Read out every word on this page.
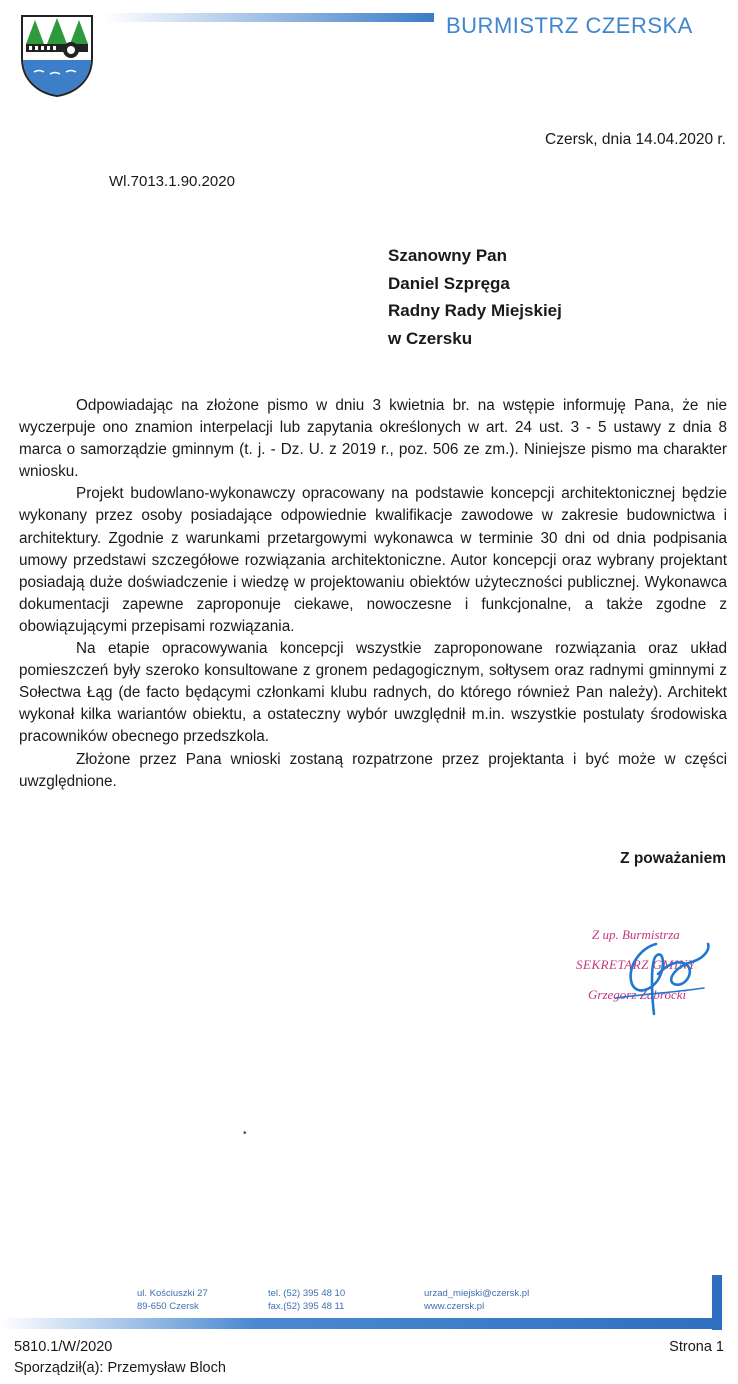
BURMISTRZ CZERSKA
Czersk, dnia 14.04.2020 r.
Wl.7013.1.90.2020
Szanowny Pan
Daniel Szpręga
Radny Rady Miejskiej
w Czersku

Odpowiadając na złożone pismo w dniu 3 kwietnia br. na wstępie informuję Pana, że nie wyczerpuje ono znamion interpelacji lub zapytania określonych w art. 24 ust. 3 - 5 ustawy z dnia 8 marca o samorządzie gminnym (t. j. - Dz. U. z 2019 r., poz. 506 ze zm.). Niniejsze pismo ma charakter wniosku.

Projekt budowlano-wykonawczy opracowany na podstawie koncepcji architektonicznej będzie wykonany przez osoby posiadające odpowiednie kwalifikacje zawodowe w zakresie budownictwa i architektury. Zgodnie z warunkami przetargowymi wykonawca w terminie 30 dni od dnia podpisania umowy przedstawi szczegółowe rozwiązania architektoniczne. Autor koncepcji oraz wybrany projektant posiadają duże doświadczenie i wiedzę w projektowaniu obiektów użyteczności publicznej. Wykonawca dokumentacji zapewne zaproponuje ciekawe, nowoczesne i funkcjonalne, a także zgodne z obowiązującymi przepisami rozwiązania.

Na etapie opracowywania koncepcji wszystkie zaproponowane rozwiązania oraz układ pomieszczeń były szeroko konsultowane z gronem pedagogicznym, sołtysem oraz radnymi gminnymi z Sołectwa Łąg (de facto będącymi członkami klubu radnych, do którego również Pan należy). Architekt wykonał kilka wariantów obiektu, a ostateczny wybór uwzględnił m.in. wszystkie postulaty środowiska pracowników obecnego przedszkola.

Złożone przez Pana wnioski zostaną rozpatrzone przez projektanta i być może w części uwzględnione.

Z poważaniem
Z up. Burmistrza
SEKRETARZ GMINY
Grzegorz Zabrocki
•
ul. Kościuszki 27
89-650 Czersk
tel. (52) 395 48 10
fax.(52) 395 48 11
urzad_miejski@czersk.pl
www.czersk.pl
5810.1/W/2020
Sporządził(a): Przemysław Bloch
Strona 1
